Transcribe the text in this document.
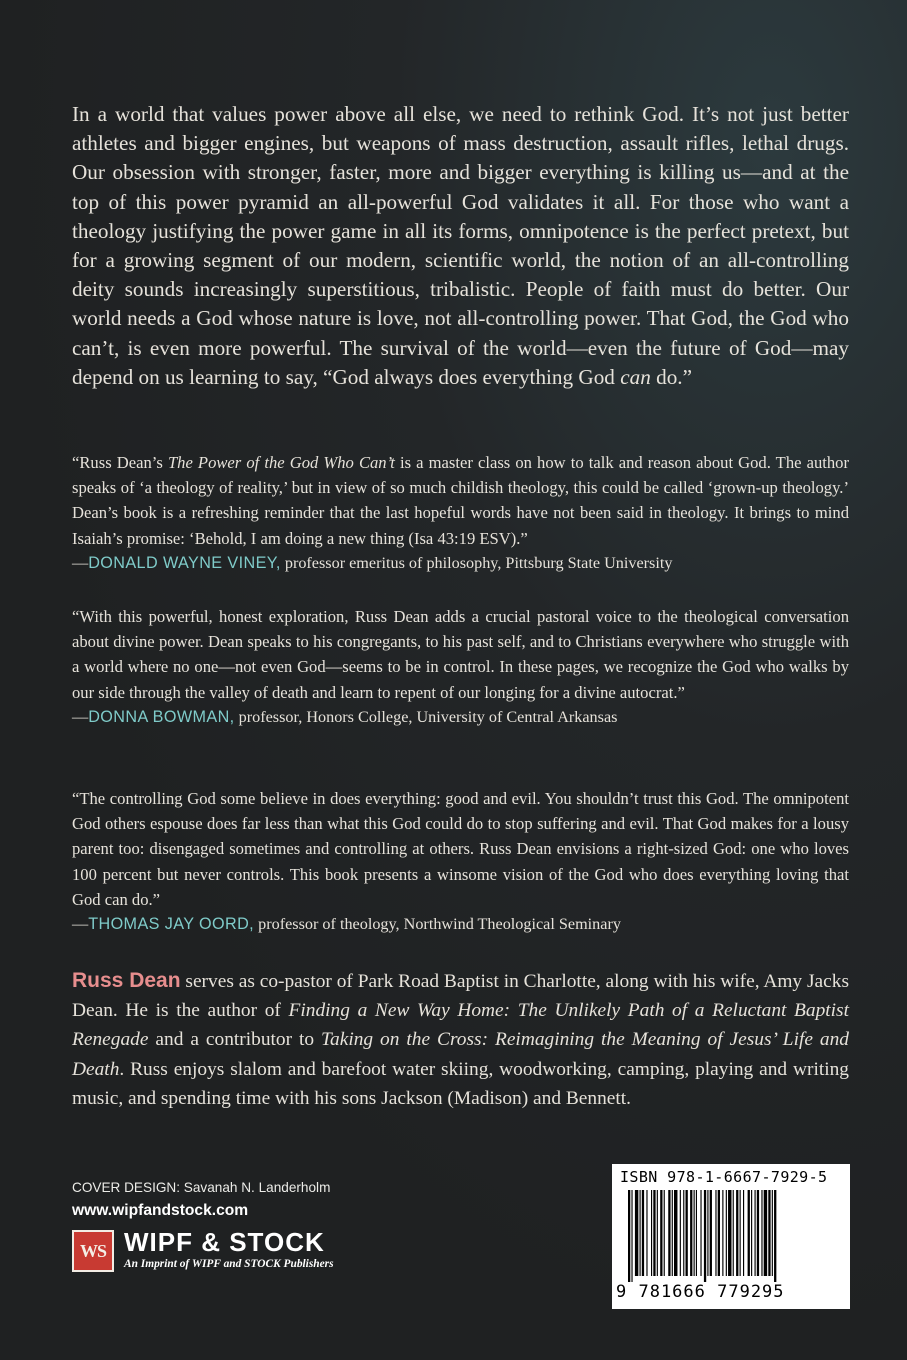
In a world that values power above all else, we need to rethink God. It’s not just better athletes and bigger engines, but weapons of mass destruction, assault rifles, lethal drugs. Our obsession with stronger, faster, more and bigger everything is killing us—and at the top of this power pyramid an all-powerful God validates it all. For those who want a theology justifying the power game in all its forms, omnipotence is the perfect pretext, but for a growing segment of our modern, scientific world, the notion of an all-controlling deity sounds increasingly superstitious, tribalistic. People of faith must do better. Our world needs a God whose nature is love, not all-controlling power. That God, the God who can’t, is even more powerful. The survival of the world—even the future of God—may depend on us learning to say, “God always does everything God can do.”

“Russ Dean’s The Power of the God Who Can’t is a master class on how to talk and reason about God. The author speaks of ‘a theology of reality,’ but in view of so much childish theology, this could be called ‘grown-up theology.’ Dean’s book is a refreshing reminder that the last hopeful words have not been said in theology. It brings to mind Isaiah’s promise: ‘Behold, I am doing a new thing (Isa 43:19 ESV).”

—DONALD WAYNE VINEY, professor emeritus of philosophy, Pittsburg State University

“With this powerful, honest exploration, Russ Dean adds a crucial pastoral voice to the theological conversation about divine power. Dean speaks to his congregants, to his past self, and to Christians everywhere who struggle with a world where no one—not even God—seems to be in control. In these pages, we recognize the God who walks by our side through the valley of death and learn to repent of our longing for a divine autocrat.”

—DONNA BOWMAN, professor, Honors College, University of Central Arkansas

“The controlling God some believe in does everything: good and evil. You shouldn’t trust this God. The omnipotent God others espouse does far less than what this God could do to stop suffering and evil. That God makes for a lousy parent too: disengaged sometimes and controlling at others. Russ Dean envisions a right-sized God: one who loves 100 percent but never controls. This book presents a winsome vision of the God who does everything loving that God can do.”

—THOMAS JAY OORD, professor of theology, Northwind Theological Seminary

Russ Dean serves as co-pastor of Park Road Baptist in Charlotte, along with his wife, Amy Jacks Dean. He is the author of Finding a New Way Home: The Unlikely Path of a Reluctant Baptist Renegade and a contributor to Taking on the Cross: Reimagining the Meaning of Jesus’ Life and Death. Russ enjoys slalom and barefoot water skiing, woodworking, camping, playing and writing music, and spending time with his sons Jackson (Madison) and Bennett.

COVER DESIGN: Savanah N. Landerholm

www.wipfandstock.com

WS WIPF & STOCK
An Imprint of WIPF and STOCK Publishers
ISBN 978-1-6667-7929-5
9 781666 779295
